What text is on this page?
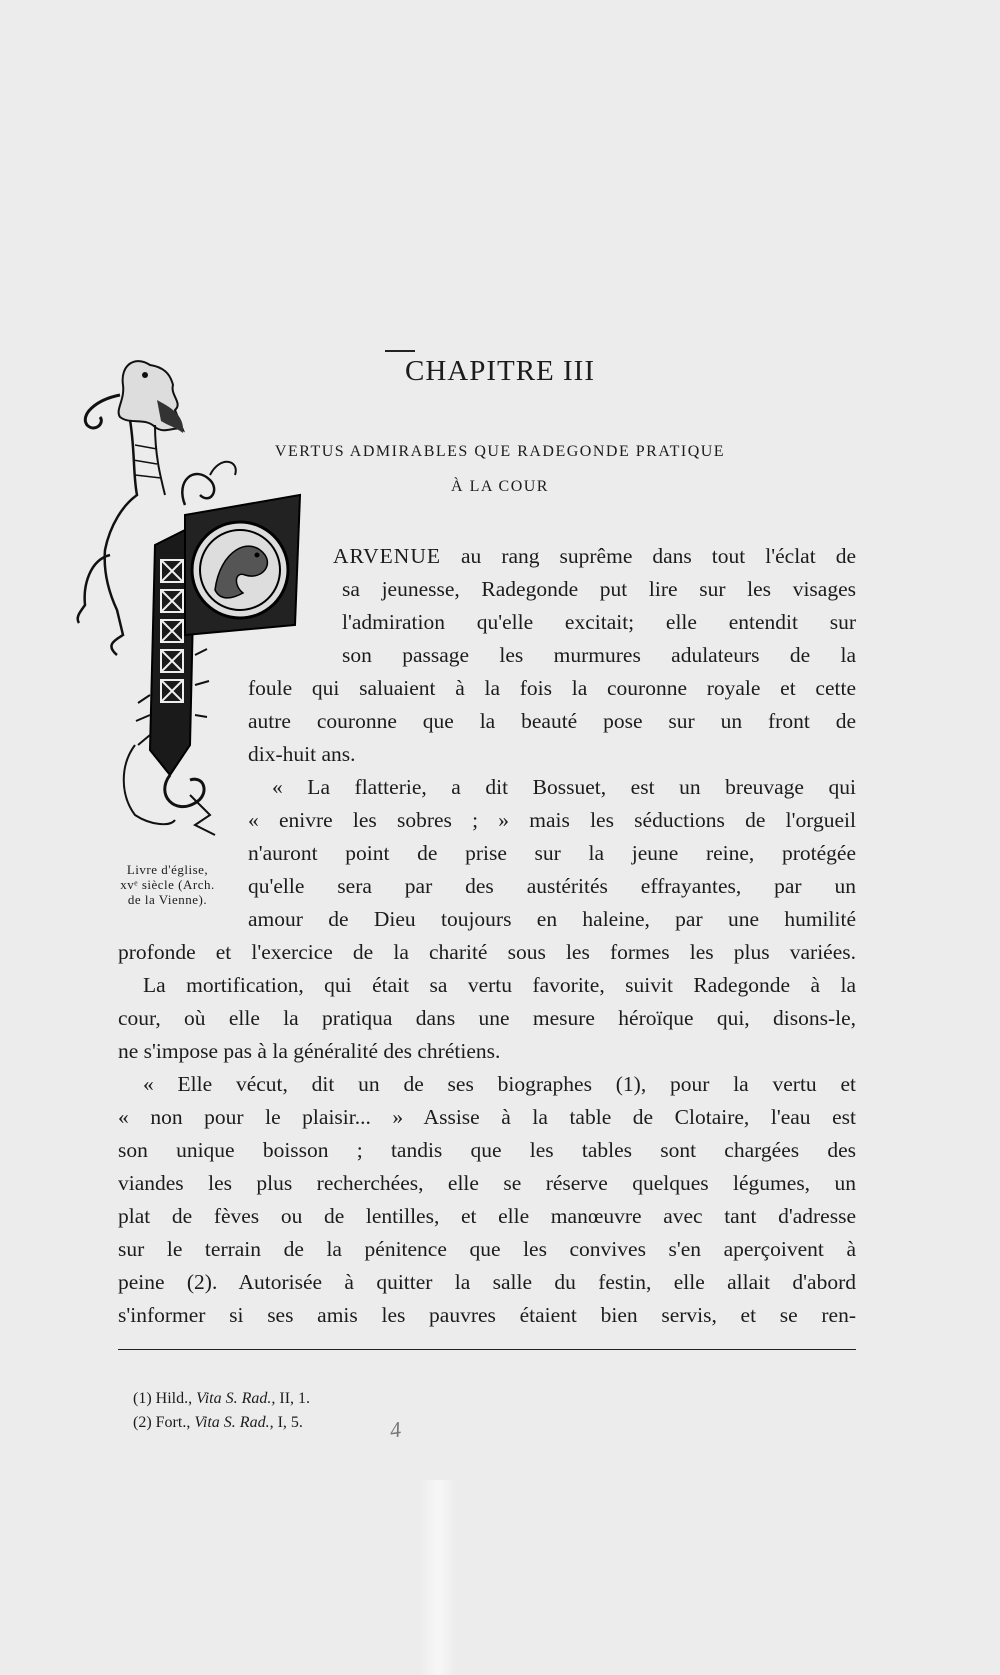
CHAPITRE III
VERTUS ADMIRABLES QUE RADEGONDE PRATIQUE
À LA COUR
Livre d'église,
xvᵉ siècle (Arch.
de la Vienne).
ARVENUE au rang suprême dans tout l'éclat de
sa jeunesse, Radegonde put lire sur les visages
l'admiration qu'elle excitait; elle entendit sur
son passage les murmures adulateurs de la
foule qui saluaient à la fois la couronne royale et cette
autre couronne que la beauté pose sur un front de
dix-huit ans.
« La flatterie, a dit Bossuet, est un breuvage qui
« enivre les sobres ; » mais les séductions de l'orgueil
n'auront point de prise sur la jeune reine, protégée
qu'elle sera par des austérités effrayantes, par un
amour de Dieu toujours en haleine, par une humilité
profonde et l'exercice de la charité sous les formes les plus variées.
La mortification, qui était sa vertu favorite, suivit Radegonde à la
cour, où elle la pratiqua dans une mesure héroïque qui, disons-le,
ne s'impose pas à la généralité des chrétiens.
« Elle vécut, dit un de ses biographes (1), pour la vertu et
« non pour le plaisir... » Assise à la table de Clotaire, l'eau est
son unique boisson ; tandis que les tables sont chargées des
viandes les plus recherchées, elle se réserve quelques légumes, un
plat de fèves ou de lentilles, et elle manœuvre avec tant d'adresse
sur le terrain de la pénitence que les convives s'en aperçoivent à
peine (2). Autorisée à quitter la salle du festin, elle allait d'abord
s'informer si ses amis les pauvres étaient bien servis, et se ren-
(1) Hild., Vita S. Rad., II, 1.
(2) Fort., Vita S. Rad., I, 5.	4
